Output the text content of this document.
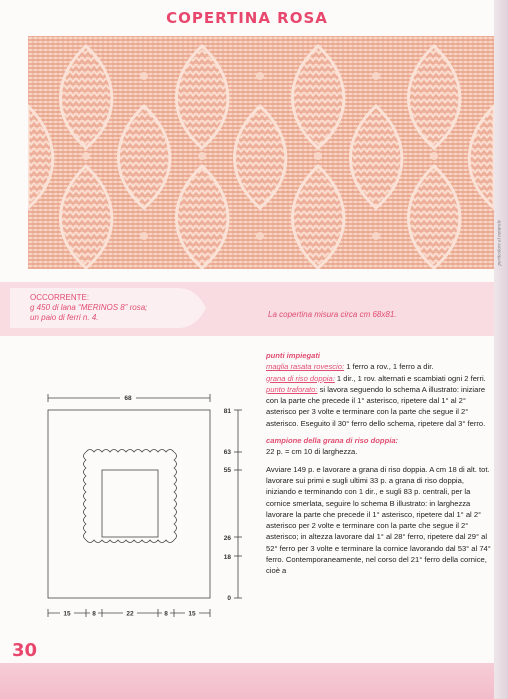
COPERTINA ROSA
particolare al naturale
OCCORRENTE:
g 450 di lana “MERINOS 8” rosa;
un paio di ferri n. 4.	La copertina misura circa cm 68x81.
68
81
63
55
26
18
0
15	8	22	8	15

punti impiegati

maglia rasata rovescio: 1 ferro a rov., 1 ferro a dir.

grana di riso doppia: 1 dir., 1 rov. alternati e scambiati ogni 2 ferri.

punto traforato: si lavora seguendo lo schema A illustrato: iniziare con la parte che precede il 1° asterisco, ripetere dal 1° al 2° asterisco per 3 volte e terminare con la parte che segue il 2° asterisco. Eseguito il 30° ferro dello schema, ripetere dal 3° ferro.

campione della grana di riso doppia:

22 p. = cm 10 di larghezza.

Avviare 149 p. e lavorare a grana di riso doppia. A cm 18 di alt. tot. lavorare sui primi e sugli ultimi 33 p. a grana di riso doppia, iniziando e terminando con 1 dir., e sugli 83 p. centrali, per la cornice smerlata, seguire lo schema B illustrato: in larghezza lavorare la parte che precede il 1° asterisco, ripetere dal 1° al 2° asterisco per 2 volte e terminare con la parte che segue il 2° asterisco; in altezza lavorare dal 1° al 28° ferro, ripetere dal 29° al 52° ferro per 3 volte e terminare la cornice lavorando dal 53° al 74° ferro. Contemporaneamente, nel corso del 21° ferro della cornice, cioè a

30
